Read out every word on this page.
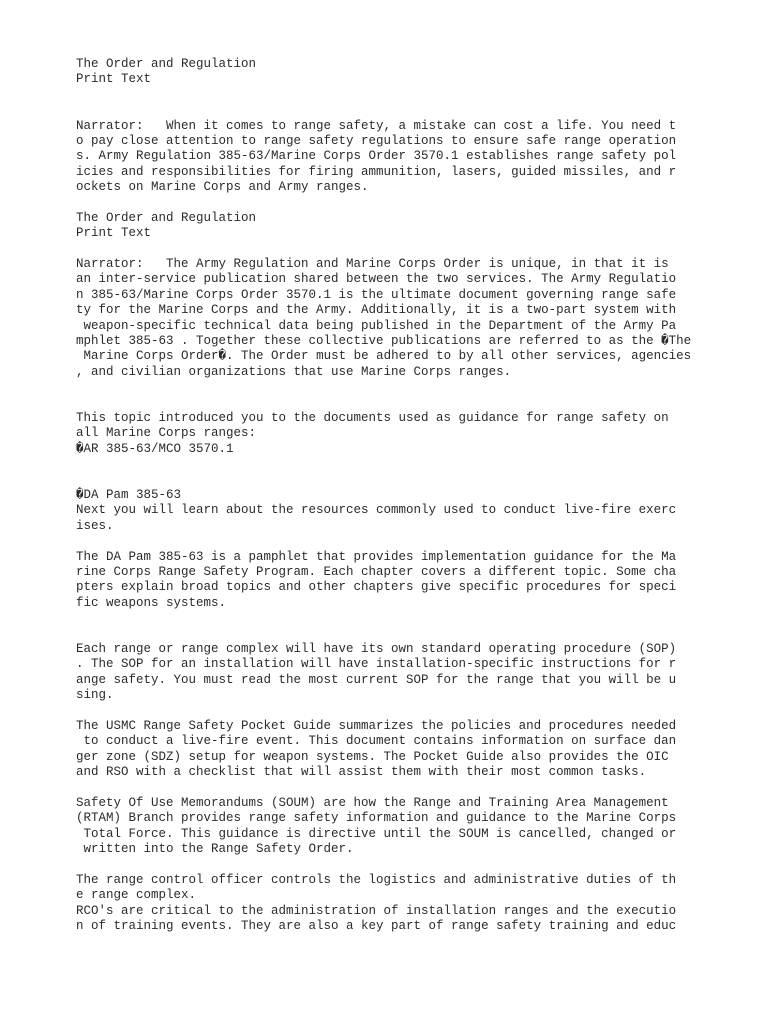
The Order and Regulation
Print Text
Narrator:   When it comes to range safety, a mistake can cost a life. You need t
o pay close attention to range safety regulations to ensure safe range operation
s. Army Regulation 385-63/Marine Corps Order 3570.1 establishes range safety pol
icies and responsibilities for firing ammunition, lasers, guided missiles, and r
ockets on Marine Corps and Army ranges.
The Order and Regulation
Print Text
Narrator:   The Army Regulation and Marine Corps Order is unique, in that it is
an inter-service publication shared between the two services. The Army Regulatio
n 385-63/Marine Corps Order 3570.1 is the ultimate document governing range safe
ty for the Marine Corps and the Army. Additionally, it is a two-part system with
weapon-specific technical data being published in the Department of the Army Pa
mphlet 385-63 . Together these collective publications are referred to as the �The
Marine Corps Order�. The Order must be adhered to by all other services, agencies
, and civilian organizations that use Marine Corps ranges.
This topic introduced you to the documents used as guidance for range safety on
all Marine Corps ranges:
�AR 385-63/MCO 3570.1
�DA Pam 385-63
Next you will learn about the resources commonly used to conduct live-fire exerc
ises.
The DA Pam 385-63 is a pamphlet that provides implementation guidance for the Ma
rine Corps Range Safety Program. Each chapter covers a different topic. Some cha
pters explain broad topics and other chapters give specific procedures for speci
fic weapons systems.
Each range or range complex will have its own standard operating procedure (SOP)
. The SOP for an installation will have installation-specific instructions for r
ange safety. You must read the most current SOP for the range that you will be u
sing.
The USMC Range Safety Pocket Guide summarizes the policies and procedures needed
to conduct a live-fire event. This document contains information on surface dan
ger zone (SDZ) setup for weapon systems. The Pocket Guide also provides the OIC
and RSO with a checklist that will assist them with their most common tasks.
Safety Of Use Memorandums (SOUM) are how the Range and Training Area Management
(RTAM) Branch provides range safety information and guidance to the Marine Corps
Total Force. This guidance is directive until the SOUM is cancelled, changed or
written into the Range Safety Order.
The range control officer controls the logistics and administrative duties of th
e range complex.
RCO's are critical to the administration of installation ranges and the executio
n of training events. They are also a key part of range safety training and educ
